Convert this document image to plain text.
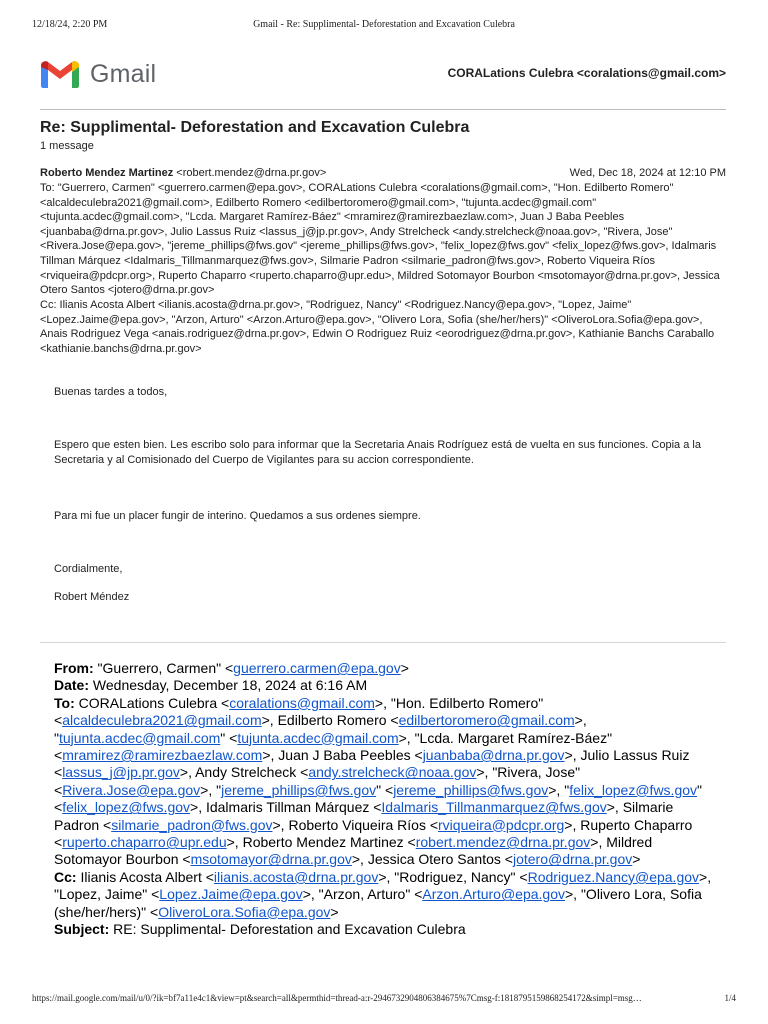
12/18/24, 2:20 PM	Gmail - Re: Supplimental- Deforestation and Excavation Culebra
Gmail	CORALations Culebra <coralations@gmail.com>
Re: Supplimental- Deforestation and Excavation Culebra
1 message
Roberto Mendez Martinez <robert.mendez@drna.pr.gov>	Wed, Dec 18, 2024 at 12:10 PM
To: "Guerrero, Carmen" <guerrero.carmen@epa.gov>, CORALations Culebra <coralations@gmail.com>, "Hon. Edilberto Romero" <alcaldeculebra2021@gmail.com>, Edilberto Romero <edilbertoromero@gmail.com>, "tujunta.acdec@gmail.com" <tujunta.acdec@gmail.com>, "Lcda. Margaret Ramírez-Báez" <mramirez@ramirezbaezlaw.com>, Juan J Baba Peebles <juanbaba@drna.pr.gov>, Julio Lassus Ruiz <lassus_j@jp.pr.gov>, Andy Strelcheck <andy.strelcheck@noaa.gov>, "Rivera, Jose" <Rivera.Jose@epa.gov>, "jereme_phillips@fws.gov" <jereme_phillips@fws.gov>, "felix_lopez@fws.gov" <felix_lopez@fws.gov>, Idalmaris Tillman Márquez <Idalmaris_Tillmanmarquez@fws.gov>, Silmarie Padron <silmarie_padron@fws.gov>, Roberto Viqueira Ríos <rviqueira@pdcpr.org>, Ruperto Chaparro <ruperto.chaparro@upr.edu>, Mildred Sotomayor Bourbon <msotomayor@drna.pr.gov>, Jessica Otero Santos <jotero@drna.pr.gov>
Cc: Ilianis Acosta Albert <ilianis.acosta@drna.pr.gov>, "Rodriguez, Nancy" <Rodriguez.Nancy@epa.gov>, "Lopez, Jaime" <Lopez.Jaime@epa.gov>, "Arzon, Arturo" <Arzon.Arturo@epa.gov>, "Olivero Lora, Sofia (she/her/hers)" <OliveroLora.Sofia@epa.gov>, Anais Rodriguez Vega <anais.rodriguez@drna.pr.gov>, Edwin O Rodriguez Ruiz <eorodriguez@drna.pr.gov>, Kathianie Banchs Caraballo <kathianie.banchs@drna.pr.gov>
Buenas tardes a todos,
Espero que esten bien. Les escribo solo para informar que la Secretaria Anais Rodríguez está de vuelta en sus funciones. Copia a la Secretaria y al Comisionado del Cuerpo de Vigilantes para su accion correspondiente.
Para mi fue un placer fungir de interino. Quedamos a sus ordenes siempre.
Cordialmente,
Robert Méndez
From: "Guerrero, Carmen" <guerrero.carmen@epa.gov>
Date: Wednesday, December 18, 2024 at 6:16 AM
To: CORALations Culebra <coralations@gmail.com>, "Hon. Edilberto Romero" <alcaldeculebra2021@gmail.com>, Edilberto Romero <edilbertoromero@gmail.com>, "tujunta.acdec@gmail.com" <tujunta.acdec@gmail.com>, "Lcda. Margaret Ramírez-Báez" <mramirez@ramirezbaezlaw.com>, Juan J Baba Peebles <juanbaba@drna.pr.gov>, Julio Lassus Ruiz <lassus_j@jp.pr.gov>, Andy Strelcheck <andy.strelcheck@noaa.gov>, "Rivera, Jose" <Rivera.Jose@epa.gov>, "jereme_phillips@fws.gov" <jereme_phillips@fws.gov>, "felix_lopez@fws.gov" <felix_lopez@fws.gov>, Idalmaris Tillman Márquez <Idalmaris_Tillmanmarquez@fws.gov>, Silmarie Padron <silmarie_padron@fws.gov>, Roberto Viqueira Ríos <rviqueira@pdcpr.org>, Ruperto Chaparro <ruperto.chaparro@upr.edu>, Roberto Mendez Martinez <robert.mendez@drna.pr.gov>, Mildred Sotomayor Bourbon <msotomayor@drna.pr.gov>, Jessica Otero Santos <jotero@drna.pr.gov>
Cc: Ilianis Acosta Albert <ilianis.acosta@drna.pr.gov>, "Rodriguez, Nancy" <Rodriguez.Nancy@epa.gov>, "Lopez, Jaime" <Lopez.Jaime@epa.gov>, "Arzon, Arturo" <Arzon.Arturo@epa.gov>, "Olivero Lora, Sofia (she/her/hers)" <OliveroLora.Sofia@epa.gov>
Subject: RE: Supplimental- Deforestation and Excavation Culebra
https://mail.google.com/mail/u/0/?ik=bf7a11e4c1&view=pt&search=all&permthid=thread-a:r-2946732904806384675%7Cmsg-f:1818795159868254172&simpl=msg…	1/4
